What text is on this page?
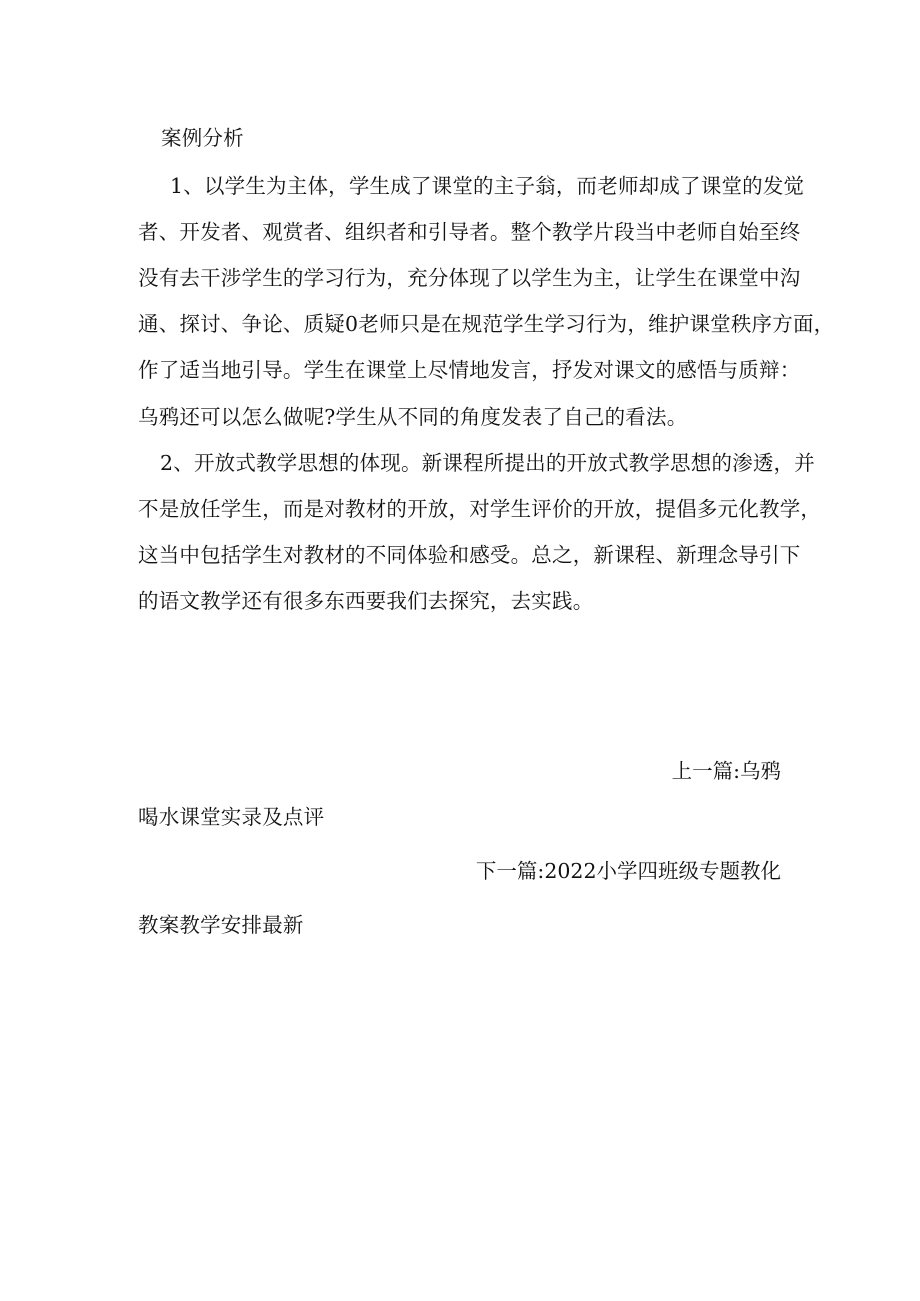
案例分析
1、以学生为主体，学生成了课堂的主子翁，而老师却成了课堂的发觉
者、开发者、观赏者、组织者和引导者。整个教学片段当中老师自始至终
没有去干涉学生的学习行为，充分体现了以学生为主，让学生在课堂中沟
通、探讨、争论、质疑0老师只是在规范学生学习行为，维护课堂秩序方面，
作了适当地引导。学生在课堂上尽情地发言，抒发对课文的感悟与质辩：
乌鸦还可以怎么做呢?学生从不同的角度发表了自己的看法。
2、开放式教学思想的体现。新课程所提出的开放式教学思想的渗透，并
不是放任学生，而是对教材的开放，对学生评价的开放，提倡多元化教学，
这当中包括学生对教材的不同体验和感受。总之，新课程、新理念导引下
的语文教学还有很多东西要我们去探究，去实践。
上一篇:乌鸦
喝水课堂实录及点评
下一篇:2022小学四班级专题教化
教案教学安排最新
